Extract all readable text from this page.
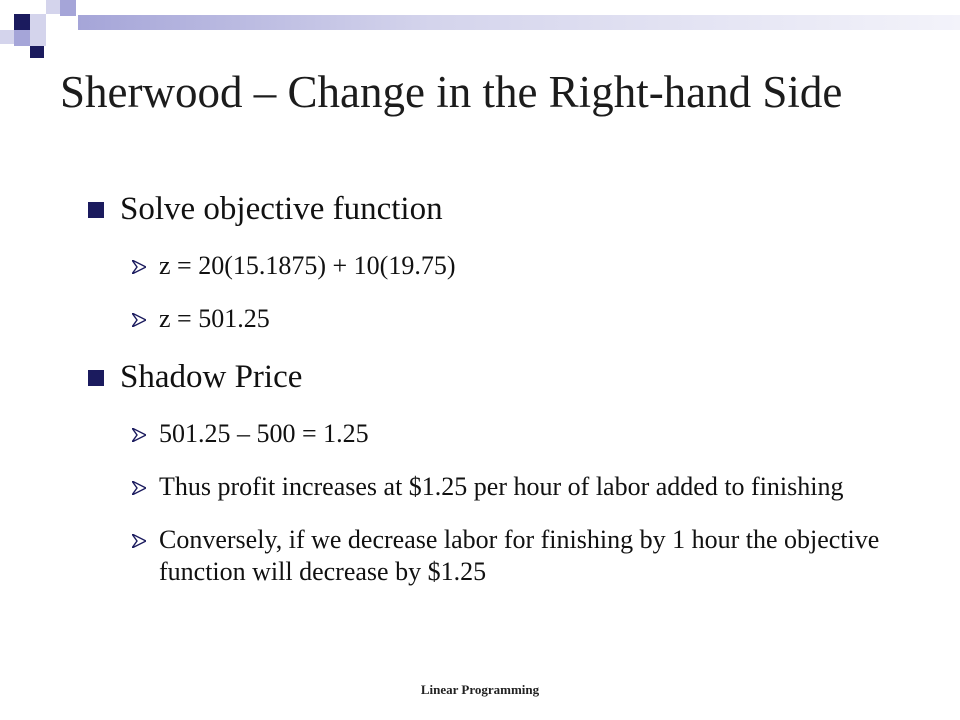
Sherwood – Change in the Right-hand Side
Solve objective function
z = 20(15.1875) + 10(19.75)
z = 501.25
Shadow Price
501.25 – 500 = 1.25
Thus profit increases at $1.25 per hour of labor added to finishing
Conversely, if we decrease labor for finishing by 1 hour the objective function will decrease by $1.25
Linear Programming
